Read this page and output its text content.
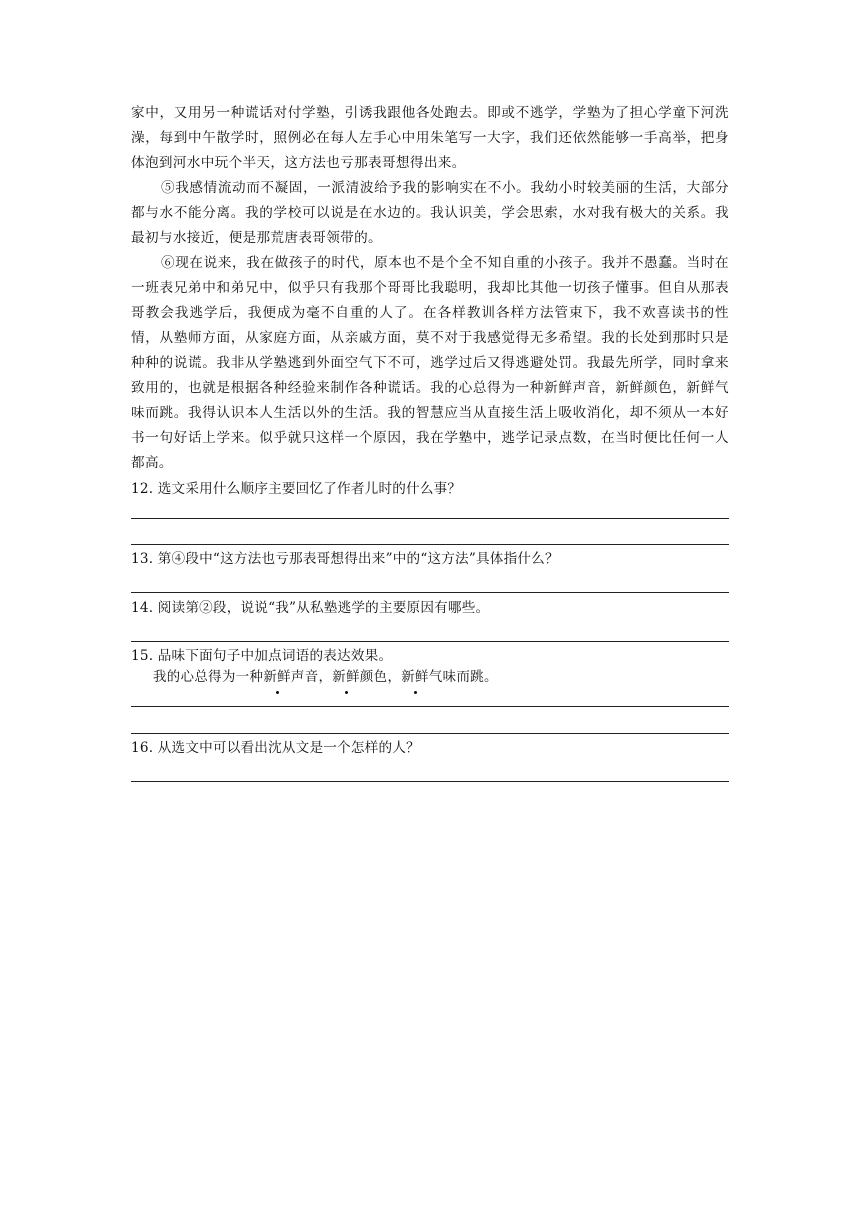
家中，又用另一种谎话对付学塾，引诱我跟他各处跑去。即或不逃学，学塾为了担心学童下河洗澡，每到中午散学时，照例必在每人左手心中用朱笔写一大字，我们还依然能够一手高举，把身体泡到河水中玩个半天，这方法也亏那表哥想得出来。

⑤我感情流动而不凝固，一派清波给予我的影响实在不小。我幼小时较美丽的生活，大部分都与水不能分离。我的学校可以说是在水边的。我认识美，学会思索，水对我有极大的关系。我最初与水接近，便是那荒唐表哥领带的。

⑥现在说来，我在做孩子的时代，原本也不是个全不知自重的小孩子。我并不愚蠢。当时在一班表兄弟中和弟兄中，似乎只有我那个哥哥比我聪明，我却比其他一切孩子懂事。但自从那表哥教会我逃学后，我便成为毫不自重的人了。在各样教训各样方法管束下，我不欢喜读书的性情，从塾师方面，从家庭方面，从亲戚方面，莫不对于我感觉得无多希望。我的长处到那时只是种种的说谎。我非从学塾逃到外面空气下不可，逃学过后又得逃避处罚。我最先所学，同时拿来致用的，也就是根据各种经验来制作各种谎话。我的心总得为一种新鲜声音，新鲜颜色，新鲜气味而跳。我得认识本人生活以外的生活。我的智慧应当从直接生活上吸收消化，却不须从一本好书一句好话上学来。似乎就只这样一个原因，我在学塾中，逃学记录点数，在当时便比任何一人都高。

12. 选文采用什么顺序主要回忆了作者儿时的什么事？

13. 第④段中“这方法也亏那表哥想得出来”中的“这方法”具体指什么？

14. 阅读第②段，说说“我”从私塾逃学的主要原因有哪些。

15. 品味下面句子中加点词语的表达效果。

我的心总得为一种新鲜声音，新鲜颜色，新鲜气味而跳。

16. 从选文中可以看出沈从文是一个怎样的人？
